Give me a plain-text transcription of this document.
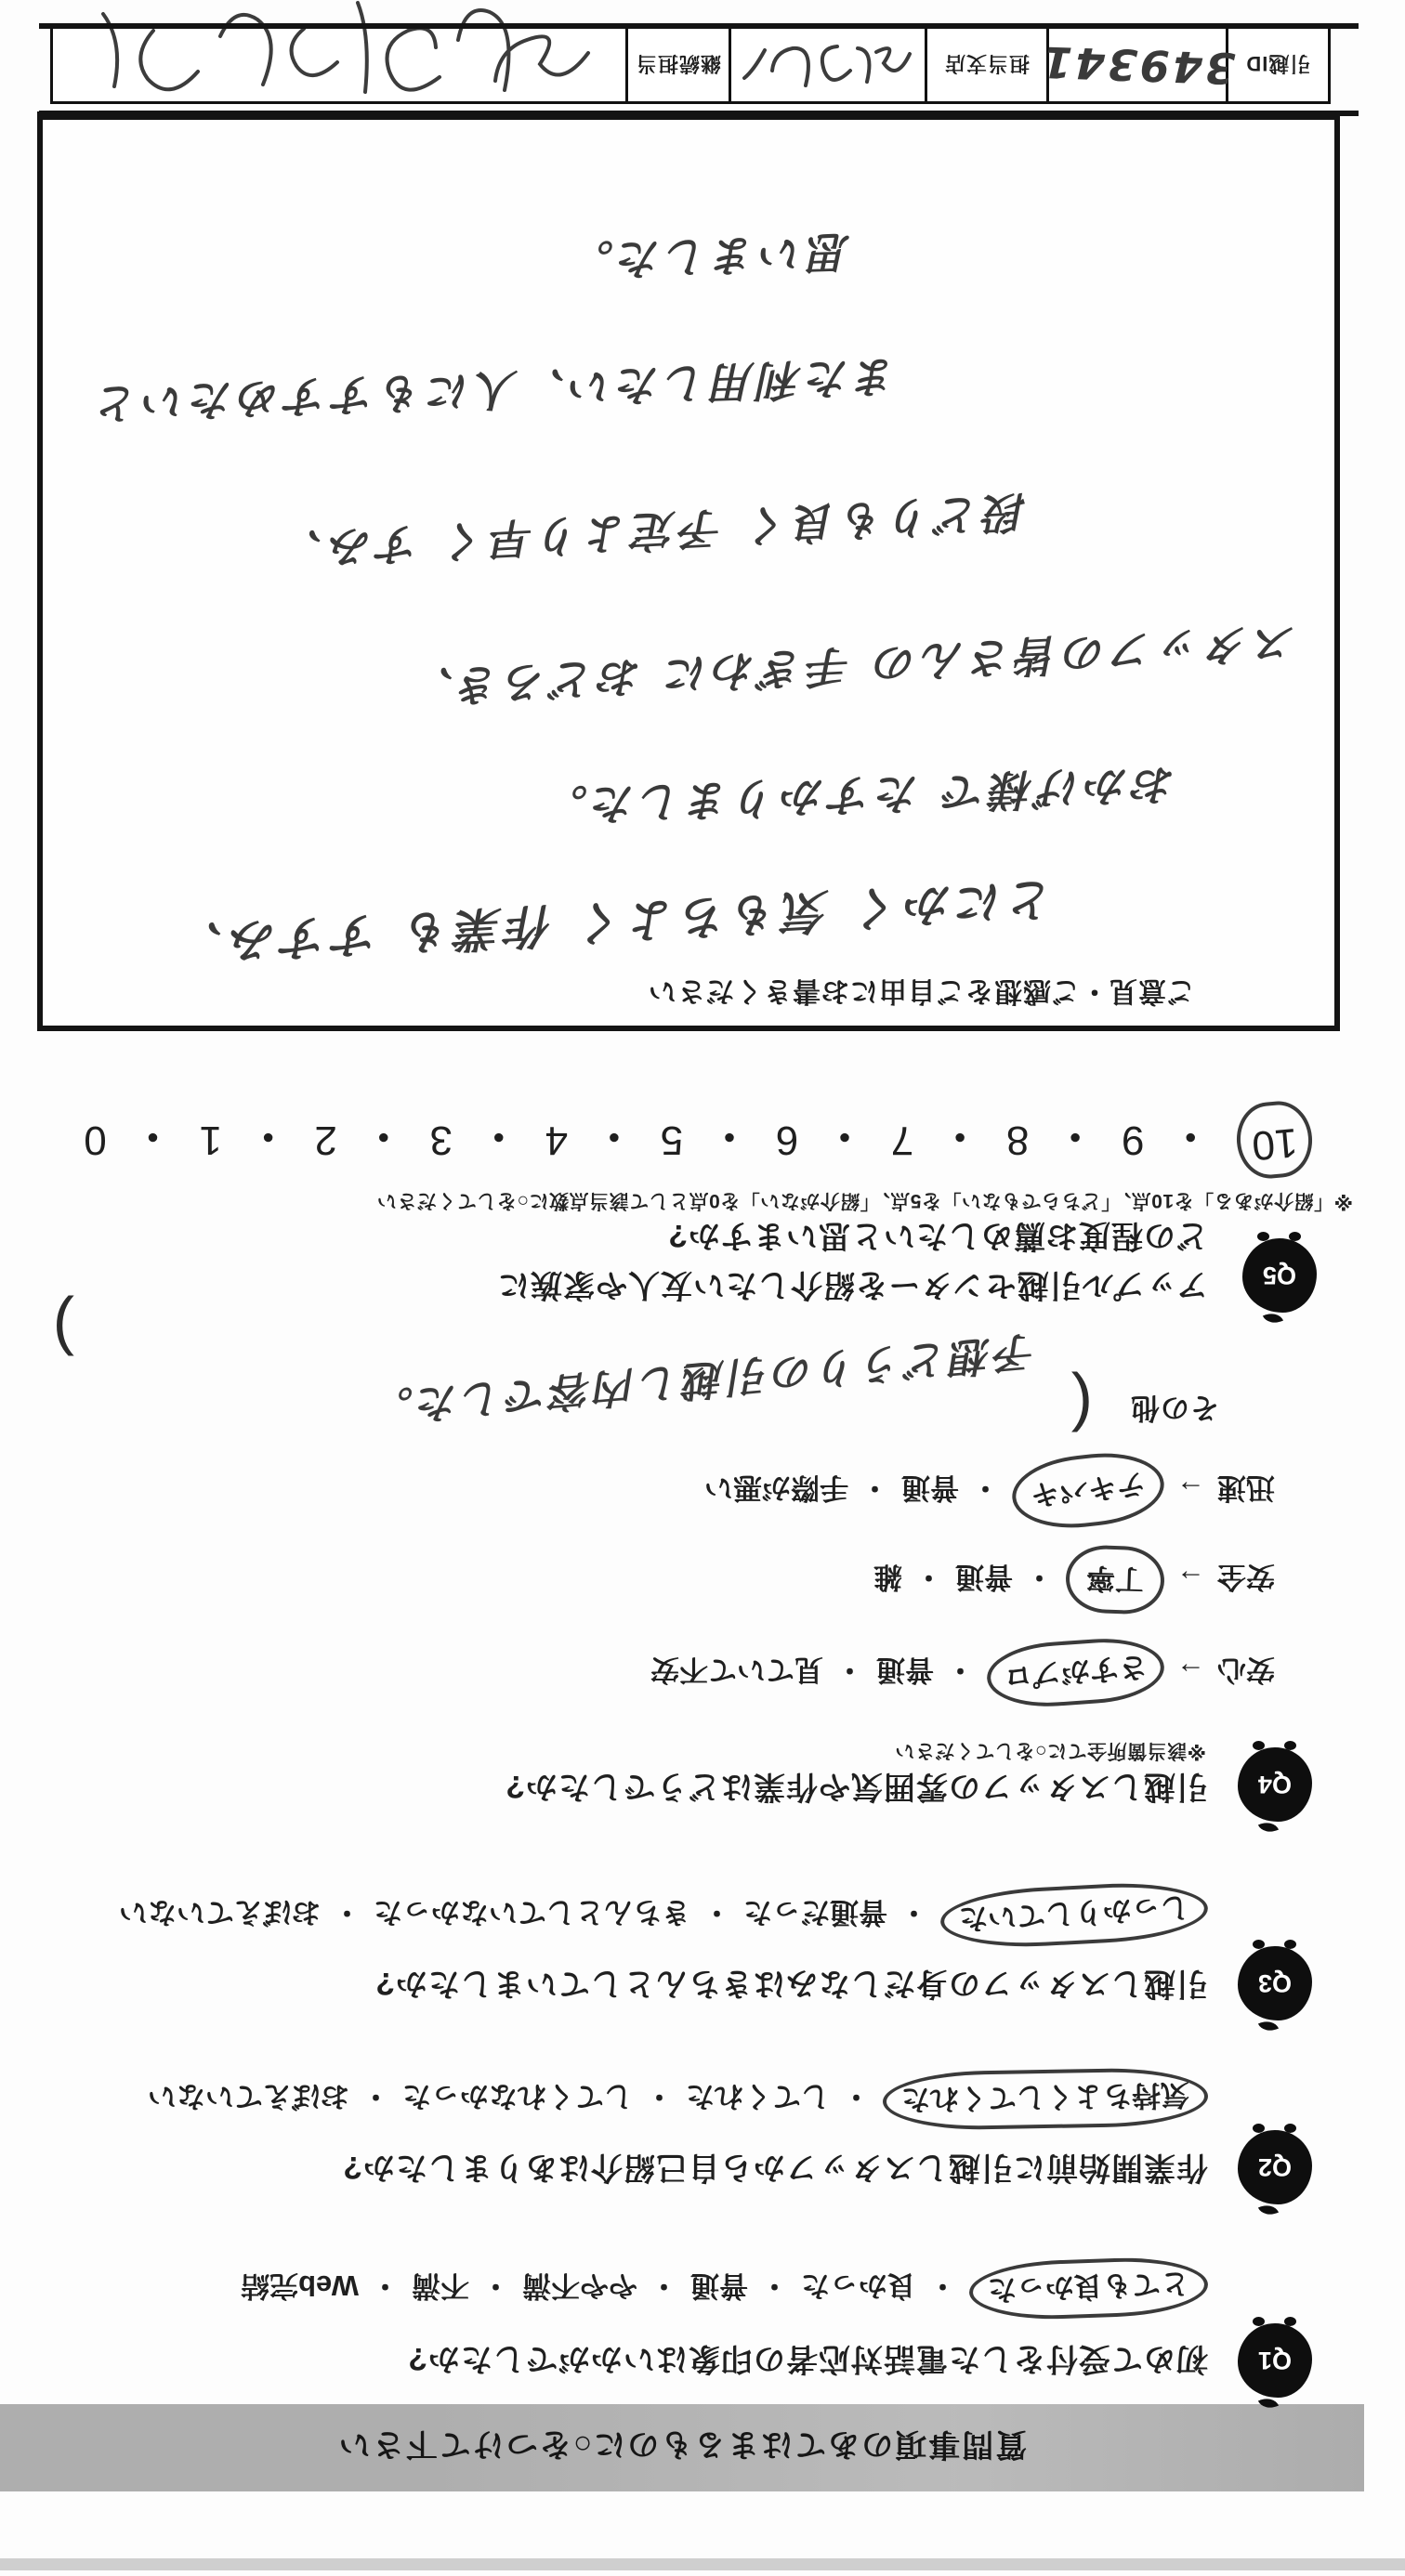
質問事項のあてはまるものに○をつけて下さい
Q1
初めて受付をした電話対応者の印象はいかがでしたか?
とても良かった
・
良かった
・
普通
・
やや不満
・
不満
・
Web完結
Q2
作業開始前に引越しスタッフから自己紹介はありましたか?
気持ちよくしてくれた
・
してくれた
・
してくれなかった
・
おぼえていない
Q3
引越しスタッフの身だしなみはきちんとしていましたか?
しっかりしていた
・
普通だった
・
きちんとしていなかった
・
おぼえていない
Q4
引越しスタッフの雰囲気や作業はどうでしたか?
※該当箇所全てに○をしてください
安心
→
さすがプロ
・
普通
・
見ていて不安
安全
→
丁寧
・
普通
・
雑
迅速
→
テキパキ
・
普通
・
手際が悪い
その他
(
予想どうりの引越し内容でした。
)
Q5
アップル引越センターを紹介したい友人や家族に
どの程度お薦めしたいと思いますか?
※「紹介がある」を10点、「どちらでもない」を5点、「紹介がない」を0点として該当点数に○をしてください
10
・
9
・
8
・
7
・
6
・
5
・
4
・
3
・
2
・
1
・
0
ご意見・ご感想をご自由にお書きください
とにかく 気もちよく 作業も すすみ、
おかげ様で たすかりました。
スタッフの皆さんの 手ぎわに おどろき、
段どりも良く 予定より早く すみ、
また利用したい、人にもすすめたいと
思いました。
引越ID
349341
担当支店
継続担当
